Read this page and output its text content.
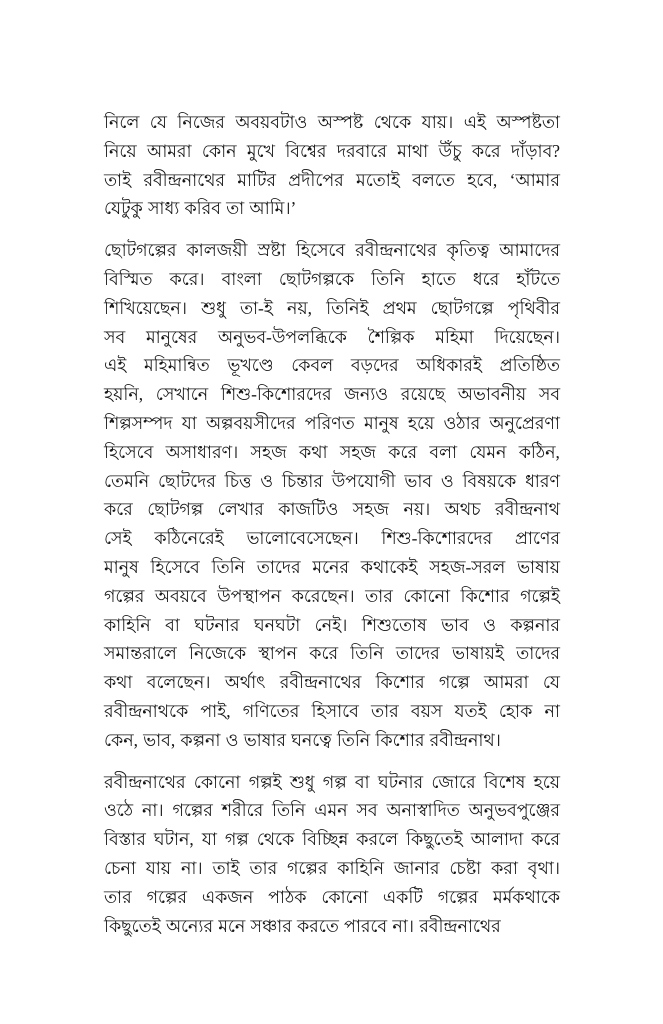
নিলে যে নিজের অবয়বটাও অস্পষ্ট থেকে যায়। এই অস্পষ্টতা
নিয়ে আমরা কোন মুখে বিশ্বের দরবারে মাথা উঁচু করে দাঁড়াব?
তাই রবীন্দ্রনাথের মাটির প্রদীপের মতোই বলতে হবে, ‘আমার
যেটুকু সাধ্য করিব তা আমি।’
ছোটগল্পের কালজয়ী স্রষ্টা হিসেবে রবীন্দ্রনাথের কৃতিত্ব আমাদের
বিস্মিত করে। বাংলা ছোটগল্পকে তিনি হাতে ধরে হাঁটতে
শিখিয়েছেন। শুধু তা-ই নয়, তিনিই প্রথম ছোটগল্পে পৃথিবীর
সব মানুষের অনুভব-উপলব্ধিকে শৈল্পিক মহিমা দিয়েছেন।
এই মহিমান্বিত ভূখণ্ডে কেবল বড়দের অধিকারই প্রতিষ্ঠিত
হয়নি, সেখানে শিশু-কিশোরদের জন্যও রয়েছে অভাবনীয় সব
শিল্পসম্পদ যা অল্পবয়সীদের পরিণত মানুষ হয়ে ওঠার অনুপ্রেরণা
হিসেবে অসাধারণ। সহজ কথা সহজ করে বলা যেমন কঠিন,
তেমনি ছোটদের চিত্ত ও চিন্তার উপযোগী ভাব ও বিষয়কে ধারণ
করে ছোটগল্প লেখার কাজটিও সহজ নয়। অথচ রবীন্দ্রনাথ
সেই কঠিনেরেই ভালোবেসেছেন। শিশু-কিশোরদের প্রাণের
মানুষ হিসেবে তিনি তাদের মনের কথাকেই সহজ-সরল ভাষায়
গল্পের অবয়বে উপস্থাপন করেছেন। তার কোনো কিশোর গল্পেই
কাহিনি বা ঘটনার ঘনঘটা নেই। শিশুতোষ ভাব ও কল্পনার
সমান্তরালে নিজেকে স্থাপন করে তিনি তাদের ভাষায়ই তাদের
কথা বলেছেন। অর্থাৎ রবীন্দ্রনাথের কিশোর গল্পে আমরা যে
রবীন্দ্রনাথকে পাই, গণিতের হিসাবে তার বয়স যতই হোক না
কেন, ভাব, কল্পনা ও ভাষার ঘনত্বে তিনি কিশোর রবীন্দ্রনাথ।
রবীন্দ্রনাথের কোনো গল্পই শুধু গল্প বা ঘটনার জোরে বিশেষ হয়ে
ওঠে না। গল্পের শরীরে তিনি এমন সব অনাস্বাদিত অনুভবপুঞ্জের
বিস্তার ঘটান, যা গল্প থেকে বিচ্ছিন্ন করলে কিছুতেই আলাদা করে
চেনা যায় না। তাই তার গল্পের কাহিনি জানার চেষ্টা করা বৃথা।
তার গল্পের একজন পাঠক কোনো একটি গল্পের মর্মকথাকে
কিছুতেই অন্যের মনে সঞ্চার করতে পারবে না। রবীন্দ্রনাথের
